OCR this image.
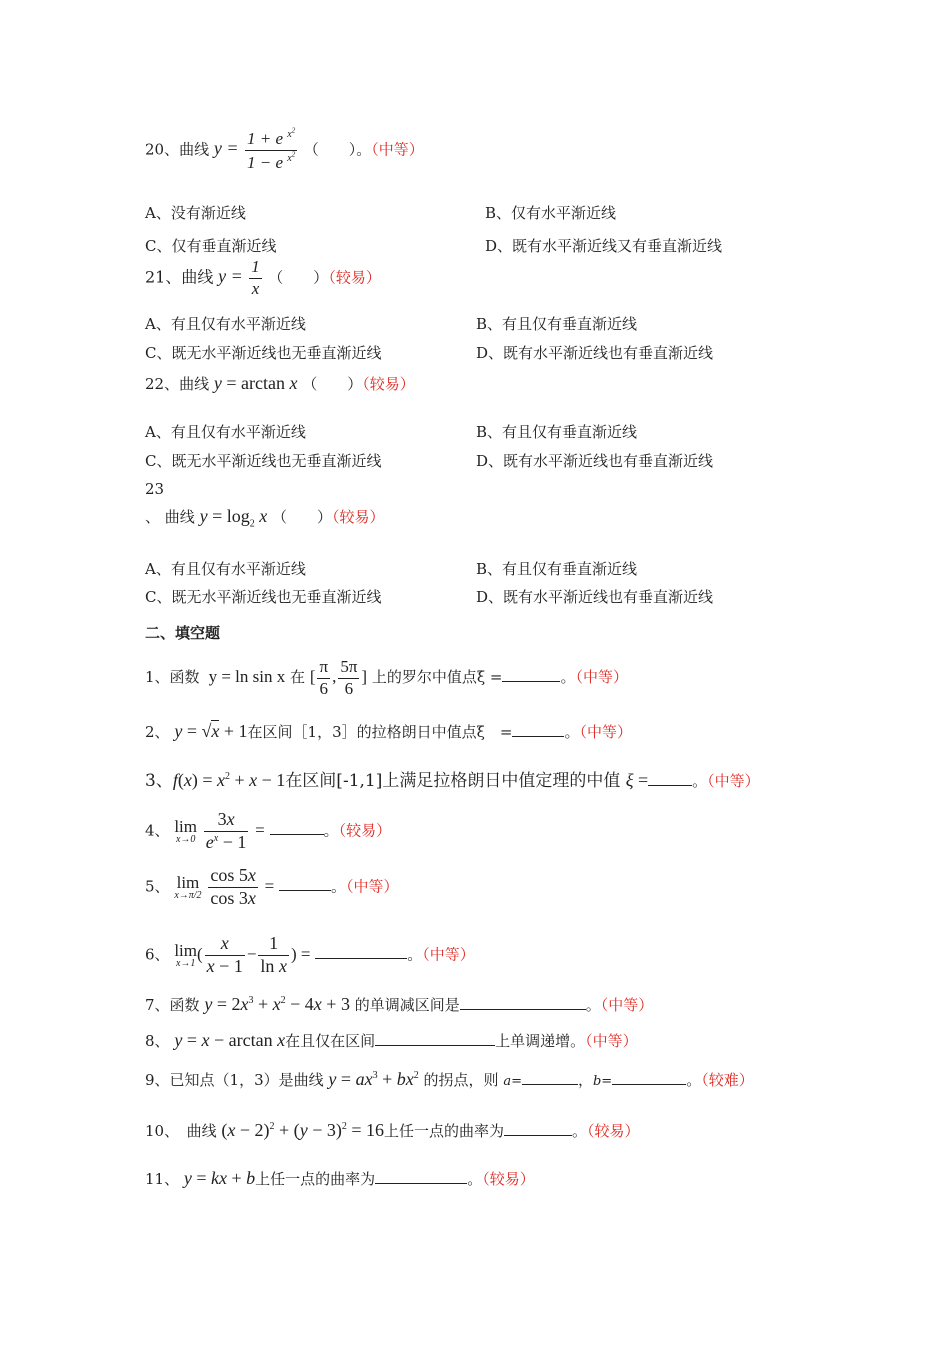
20、曲线 $y = \frac{1 + e ^{x^2}}{1 - e ^{x^2}}$ （　　）。（中等）
A、没有渐近线	B、仅有水平渐近线
C、仅有垂直渐近线	D、既有水平渐近线又有垂直渐近线
21、曲线 $y = \frac{1}{x}$ （　　）（较易）
A、有且仅有水平渐近线	B、有且仅有垂直渐近线
C、既无水平渐近线也无垂直渐近线	D、既有水平渐近线也有垂直渐近线
22、曲线 y = arctan x （　　）（较易）
A、有且仅有水平渐近线	B、有且仅有垂直渐近线
C、既无水平渐近线也无垂直渐近线	D、既有水平渐近线也有垂直渐近线
23
、 曲线 $y = \log_2 x$ （　　）（较易）
A、有且仅有水平渐近线	B、有且仅有垂直渐近线
C、既无水平渐近线也无垂直渐近线	D、既有水平渐近线也有垂直渐近线
二、填空题
1、函数  y = ln sin x 在 [ $\frac{\pi}{6}$ , $\frac{5\pi}{6}$ ] 上的罗尔中值点ξ =	。（中等）
2、 y = √x + 1在区间［1，3］的拉格朗日中值点ξ　=	。（中等）
3、$f(x) = x^2 + x - 1$在区间[-1,1]上满足拉格朗日中值定理的中值 ξ =	。（中等）
4、 lim
x→0
$\frac{3x}{e^x - 1}$ =	。（较易）
5、 lim
x→π/2
$\frac{\cos 5x}{\cos 3x}$ =	。（中等）
6、 lim
x→1 ( $\frac{x}{x - 1} - \frac{1}{\text{ln x}}$ ) =	。（中等）
7、函数 $y = 2x^3 + x^2 - 4x + 3$ 的单调减区间是	。（中等）
8、 y = x − arctan x在且仅在区间	上单调递增。（中等）
9、已知点（1，3）是曲线 $y = ax^3 + bx^2$ 的拐点，则 a=	，b=	。（较难）
10、　曲线 $(x - 2)^2 + (y - 3)^2 = 16$上任一点的曲率为	。（较易）
11、 y = kx + b上任一点的曲率为	。（较易）
